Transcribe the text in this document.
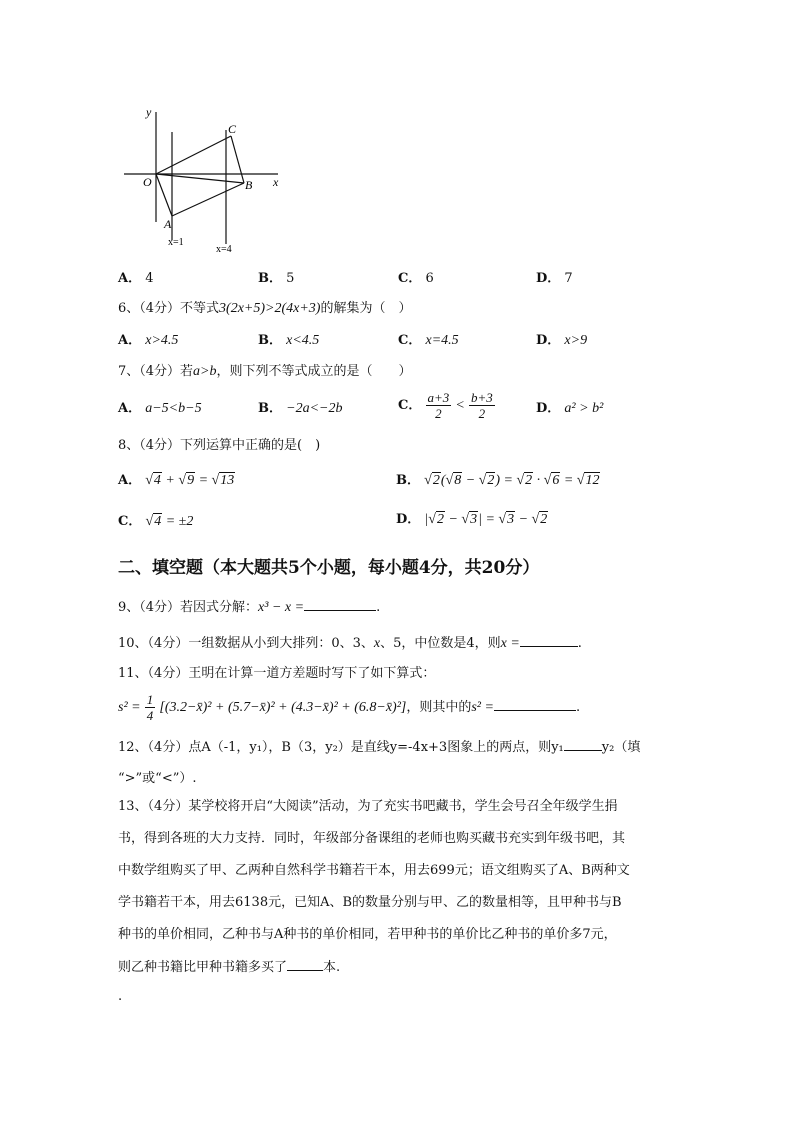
y
x
O
A
B
C
x=1
x=4
A． 4	B． 5	C． 6	D． 7
6、（4分）不等式3(2x+5)>2(4x+3)的解集为（　）
A． x>4.5	B． x<4.5	C． x=4.5	D． x>9
7、（4分）若a>b，则下列不等式成立的是（　　）
A． a−5<b−5	B． −2a<−2b	C． $\frac{a+3}{2} < \frac{b+3}{2}$	D． a² > b²
8、（4分）下列运算中正确的是(　)
A． √4 + √9 = √13	B． √2(√8 − √2) = √2 · √6 = √12
C． √4 = ±2	D． |√2 − √3| = √3 − √2
二、填空题（本大题共5个小题，每小题4分，共20分）
9、（4分）若因式分解：x³ − x =	.
10、（4分）一组数据从小到大排列：0、3、x、5，中位数是4，则x =	.
11、（4分）王明在计算一道方差题时写下了如下算式：
$s^2 = \frac{1}{4}$ [(3.2−x̄)² + (5.7−x̄)² + (4.3−x̄)² + (6.8−x̄)²]，则其中的s² =	.
12、（4分）点A（-1，y₁），B（3，y₂）是直线y=-4x+3图象上的两点，则y₁	y₂（填
“>”或“<”）.
13、（4分）某学校将开启“大阅读”活动，为了充实书吧藏书，学生会号召全年级学生捐
书，得到各班的大力支持．同时，年级部分备课组的老师也购买藏书充实到年级书吧，其
中数学组购买了甲、乙两种自然科学书籍若干本，用去699元；语文组购买了A、B两种文
学书籍若干本，用去6138元，已知A、B的数量分别与甲、乙的数量相等，且甲种书与B
种书的单价相同，乙种书与A种书的单价相同，若甲种书的单价比乙种书的单价多7元，
则乙种书籍比甲种书籍多买了	本.
.
